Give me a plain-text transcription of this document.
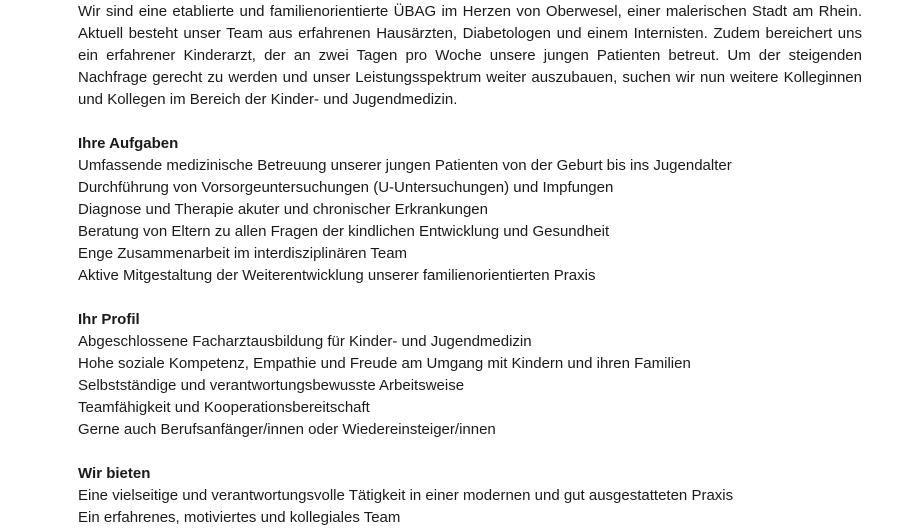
Wir sind eine etablierte und familienorientierte ÜBAG im Herzen von Oberwesel, einer malerischen Stadt am Rhein. Aktuell besteht unser Team aus erfahrenen Hausärzten, Diabetologen und einem Internisten. Zudem bereichert uns ein erfahrener Kinderarzt, der an zwei Tagen pro Woche unsere jungen Patienten betreut. Um der steigenden Nachfrage gerecht zu werden und unser Leistungsspektrum weiter auszubauen, suchen wir nun weitere Kolleginnen und Kollegen im Bereich der Kinder- und Jugendmedizin.

Ihre Aufgaben

Umfassende medizinische Betreuung unserer jungen Patienten von der Geburt bis ins Jugendalter

Durchführung von Vorsorgeuntersuchungen (U-Untersuchungen) und Impfungen

Diagnose und Therapie akuter und chronischer Erkrankungen

Beratung von Eltern zu allen Fragen der kindlichen Entwicklung und Gesundheit

Enge Zusammenarbeit im interdisziplinären Team

Aktive Mitgestaltung der Weiterentwicklung unserer familienorientierten Praxis

Ihr Profil

Abgeschlossene Facharztausbildung für Kinder- und Jugendmedizin

Hohe soziale Kompetenz, Empathie und Freude am Umgang mit Kindern und ihren Familien

Selbstständige und verantwortungsbewusste Arbeitsweise

Teamfähigkeit und Kooperationsbereitschaft

Gerne auch Berufsanfänger/innen oder Wiedereinsteiger/innen

Wir bieten

Eine vielseitige und verantwortungsvolle Tätigkeit in einer modernen und gut ausgestatteten Praxis

Ein erfahrenes, motiviertes und kollegiales Team
